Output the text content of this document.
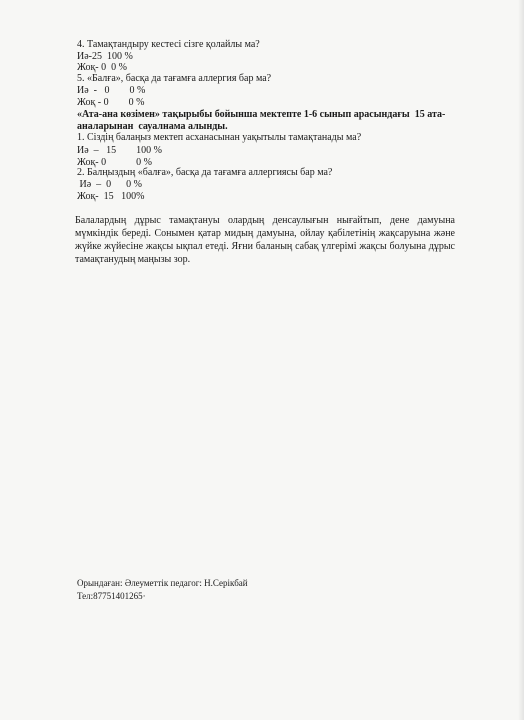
4. Тамақтандыру кестесі сізге қолайлы ма?
Иә-25  100 %
Жоқ- 0  0 %
5. «Балға», басқа да тағамға аллергия бар ма?
Иә  -   0        0 %
Жоқ - 0        0 %
«Ата-ана көзімен» тақырыбы бойынша мектепте 1-6 сынып арасындағы  15 ата-
аналарынан  сауалнама алынды.
1. Сіздің балаңыз мектеп асханасынан уақытылы тамақтанады ма?
Иә  –   15        100 %
Жоқ- 0            0 %
2. Балңыздың «балға», басқа да тағамға аллергиясы бар ма?
Иә  –  0      0 %
Жоқ-  15   100%
Балалардың дұрыс тамақтануы олардың денсаулығын нығайтып, дене дамуына мүмкіндік береді. Сонымен қатар мидың дамуына, ойлау қабілетінің жақсаруына және жүйке жүйесіне жақсы ықпал етеді. Яғни баланың сабақ үлгерімі жақсы болуына дұрыс тамақтанудың маңызы зор.
Орындаған: Әлеуметтік педагог: Н.Серікбай
Тел:87751401265·
